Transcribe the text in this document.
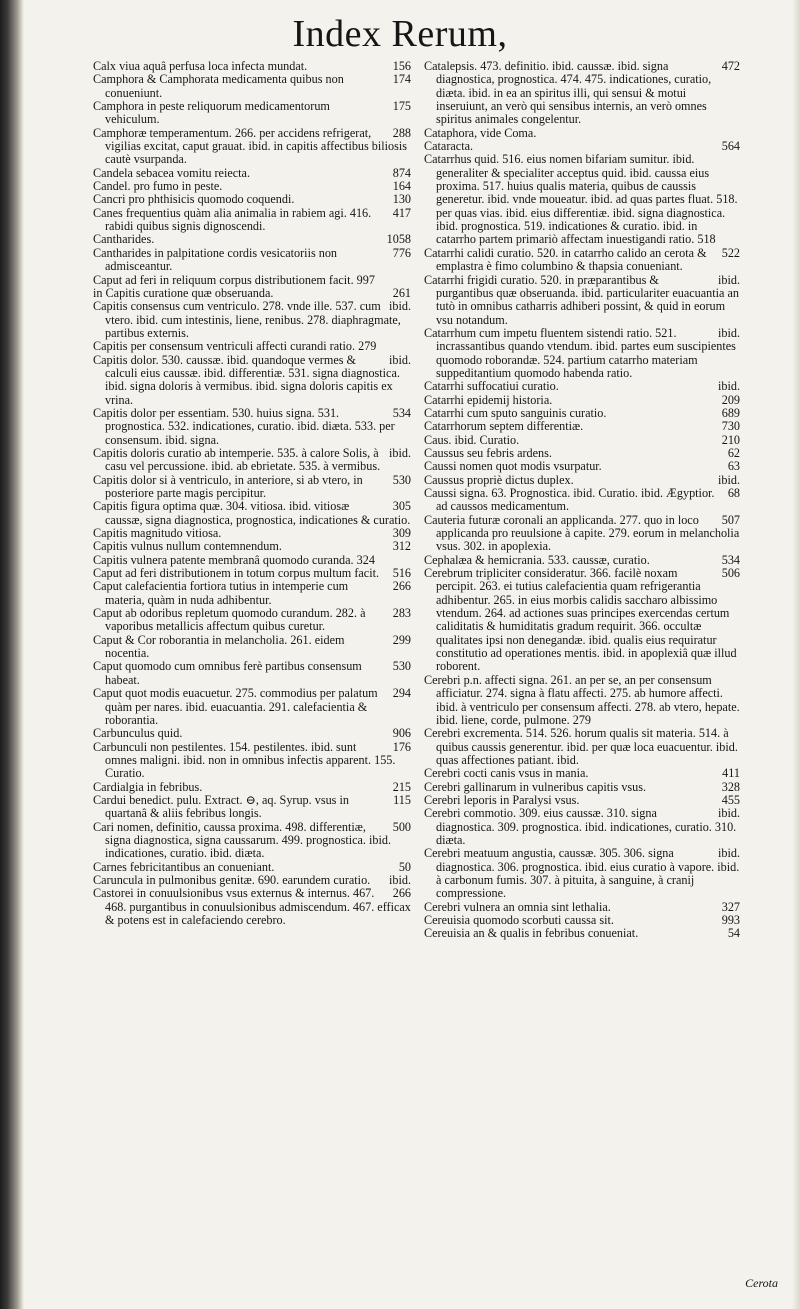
Index Rerum,

156
Calx viua aquâ perfusa loca infecta mundat.

174
Camphora & Camphorata medicamenta quibus non conueniunt.

175
Camphora in peste reliquorum medicamentorum vehiculum.

288
Camphoræ temperamentum. 266. per accidens refrigerat, vigilias excitat, caput grauat. ibid. in capitis affectibus biliosis cautè vsurpanda.

874
Candela sebacea vomitu reiecta.

164
Candel. pro fumo in peste.

130
Cancri pro phthisicis quomodo coquendi.

417
Canes frequentius quàm alia animalia in rabiem agi. 416. rabidi quibus signis dignoscendi.

1058
Cantharides.

776
Cantharides in palpitatione cordis vesicatoriis non admisceantur.

Caput ad feri in reliquum corpus distributionem facit. 997

261
in Capitis curatione quæ obseruanda.

ibid.
Capitis consensus cum ventriculo. 278. vnde ille. 537. cum vtero. ibid. cum intestinis, liene, renibus. 278. diaphragmate, partibus externis.

Capitis per consensum ventriculi affecti curandi ratio. 279

ibid.
Capitis dolor. 530. caussæ. ibid. quandoque vermes & calculi eius caussæ. ibid. differentiæ. 531. signa diagnostica. ibid. signa doloris à vermibus. ibid. signa doloris capitis ex vrina.

534
Capitis dolor per essentiam. 530. huius signa. 531. prognostica. 532. indicationes, curatio. ibid. diæta. 533. per consensum. ibid. signa.

ibid.
Capitis doloris curatio ab intemperie. 535. à calore Solis, à casu vel percussione. ibid. ab ebrietate. 535. à vermibus.

530
Capitis dolor si à ventriculo, in anteriore, si ab vtero, in posteriore parte magis percipitur.

305
Capitis figura optima quæ. 304. vitiosa. ibid. vitiosæ caussæ, signa diagnostica, prognostica, indicationes & curatio.

309
Capitis magnitudo vitiosa.

312
Capitis vulnus nullum contemnendum.

Capitis vulnera patente membranâ quomodo curanda. 324

516
Caput ad feri distributionem in totum corpus multum facit.

266
Caput calefacientia fortiora tutius in intemperie cum materia, quàm in nuda adhibentur.

283
Caput ab odoribus repletum quomodo curandum. 282. à vaporibus metallicis affectum quibus curetur.

299
Caput & Cor roborantia in melancholia. 261. eidem nocentia.

530
Caput quomodo cum omnibus ferè partibus consensum habeat.

294
Caput quot modis euacuetur. 275. commodius per palatum quàm per nares. ibid. euacuantia. 291. calefacientia & roborantia.

906
Carbunculus quid.

176
Carbunculi non pestilentes. 154. pestilentes. ibid. sunt omnes maligni. ibid. non in omnibus infectis apparent. 155. Curatio.

215
Cardialgia in febribus.

115
Cardui benedict. pulu. Extract. ⊖, aq. Syrup. vsus in quartanâ & aliis febribus longis.

500
Cari nomen, definitio, caussa proxima. 498. differentiæ, signa diagnostica, signa caussarum. 499. prognostica. ibid. indicationes, curatio. ibid. diæta.

50
Carnes febricitantibus an conueniant.

ibid.
Caruncula in pulmonibus genitæ. 690. earundem curatio.

266
Castorei in conuulsionibus vsus externus & internus. 467. 468. purgantibus in conuulsionibus admiscendum. 467. efficax & potens est in calefaciendo cerebro.

472
Catalepsis. 473. definitio. ibid. caussæ. ibid. signa diagnostica, prognostica. 474. 475. indicationes, curatio, diæta. ibid. in ea an spiritus illi, qui sensui & motui inseruiunt, an verò qui sensibus internis, an verò omnes spiritus animales congelentur.

Cataphora, vide Coma.

564
Cataracta.

Catarrhus quid. 516. eius nomen bifariam sumitur. ibid. generaliter & specialiter acceptus quid. ibid. caussa eius proxima. 517. huius qualis materia, quibus de caussis generetur. ibid. vnde moueatur. ibid. ad quas partes fluat. 518. per quas vias. ibid. eius differentiæ. ibid. signa diagnostica. ibid. prognostica. 519. indicationes & curatio. ibid. in catarrho partem primariò affectam inuestigandi ratio. 518

522
Catarrhi calidi curatio. 520. in catarrho calido an cerota & emplastra è fimo columbino & thapsia conueniant.

ibid.
Catarrhi frigidi curatio. 520. in præparantibus & purgantibus quæ obseruanda. ibid. particulariter euacuantia an tutò in omnibus catharris adhiberi possint, & quid in eorum vsu notandum.

ibid.
Catarrhum cum impetu fluentem sistendi ratio. 521. incrassantibus quando vtendum. ibid. partes eum suscipientes quomodo roborandæ. 524. partium catarrho materiam suppeditantium quomodo habenda ratio.

ibid.
Catarrhi suffocatiui curatio.

209
Catarrhi epidemij historia.

689
Catarrhi cum sputo sanguinis curatio.

730
Catarrhorum septem differentiæ.

210
Caus. ibid. Curatio.

62
Caussus seu febris ardens.

63
Caussi nomen quot modis vsurpatur.

ibid.
Caussus propriè dictus duplex.

68
Caussi signa. 63. Prognostica. ibid. Curatio. ibid. Ægyptior. ad caussos medicamentum.

507
Cauteria futuræ coronali an applicanda. 277. quo in loco applicanda pro reuulsione à capite. 279. eorum in melancholia vsus. 302. in apoplexia.

534
Cephalæa & hemicrania. 533. caussæ, curatio.

506
Cerebrum tripliciter consideratur. 366. facilè noxam percipit. 263. ei tutius calefacientia quam refrigerantia adhibentur. 265. in eius morbis calidis saccharo albissimo vtendum. 264. ad actiones suas principes exercendas certum caliditatis & humiditatis gradum requirit. 366. occultæ qualitates ipsi non denegandæ. ibid. qualis eius requiratur constitutio ad operationes mentis. ibid. in apoplexiâ quæ illud roborent.

Cerebri p.n. affecti signa. 261. an per se, an per consensum afficiatur. 274. signa à flatu affecti. 275. ab humore affecti. ibid. à ventriculo per consensum affecti. 278. ab vtero, hepate. ibid. liene, corde, pulmone. 279

Cerebri excrementa. 514. 526. horum qualis sit materia. 514. à quibus caussis generentur. ibid. per quæ loca euacuentur. ibid. quas affectiones patiant. ibid.

411
Cerebri cocti canis vsus in mania.

328
Cerebri gallinarum in vulneribus capitis vsus.

455
Cerebri leporis in Paralysi vsus.

ibid.
Cerebri commotio. 309. eius caussæ. 310. signa diagnostica. 309. prognostica. ibid. indicationes, curatio. 310. diæta.

ibid.
Cerebri meatuum angustia, caussæ. 305. 306. signa diagnostica. 306. prognostica. ibid. eius curatio à vapore. ibid. à carbonum fumis. 307. à pituita, à sanguine, à cranij compressione.

327
Cerebri vulnera an omnia sint lethalia.

993
Cereuisia quomodo scorbuti caussa sit.

54
Cereuisia an & qualis in febribus conueniat.

Cerota
